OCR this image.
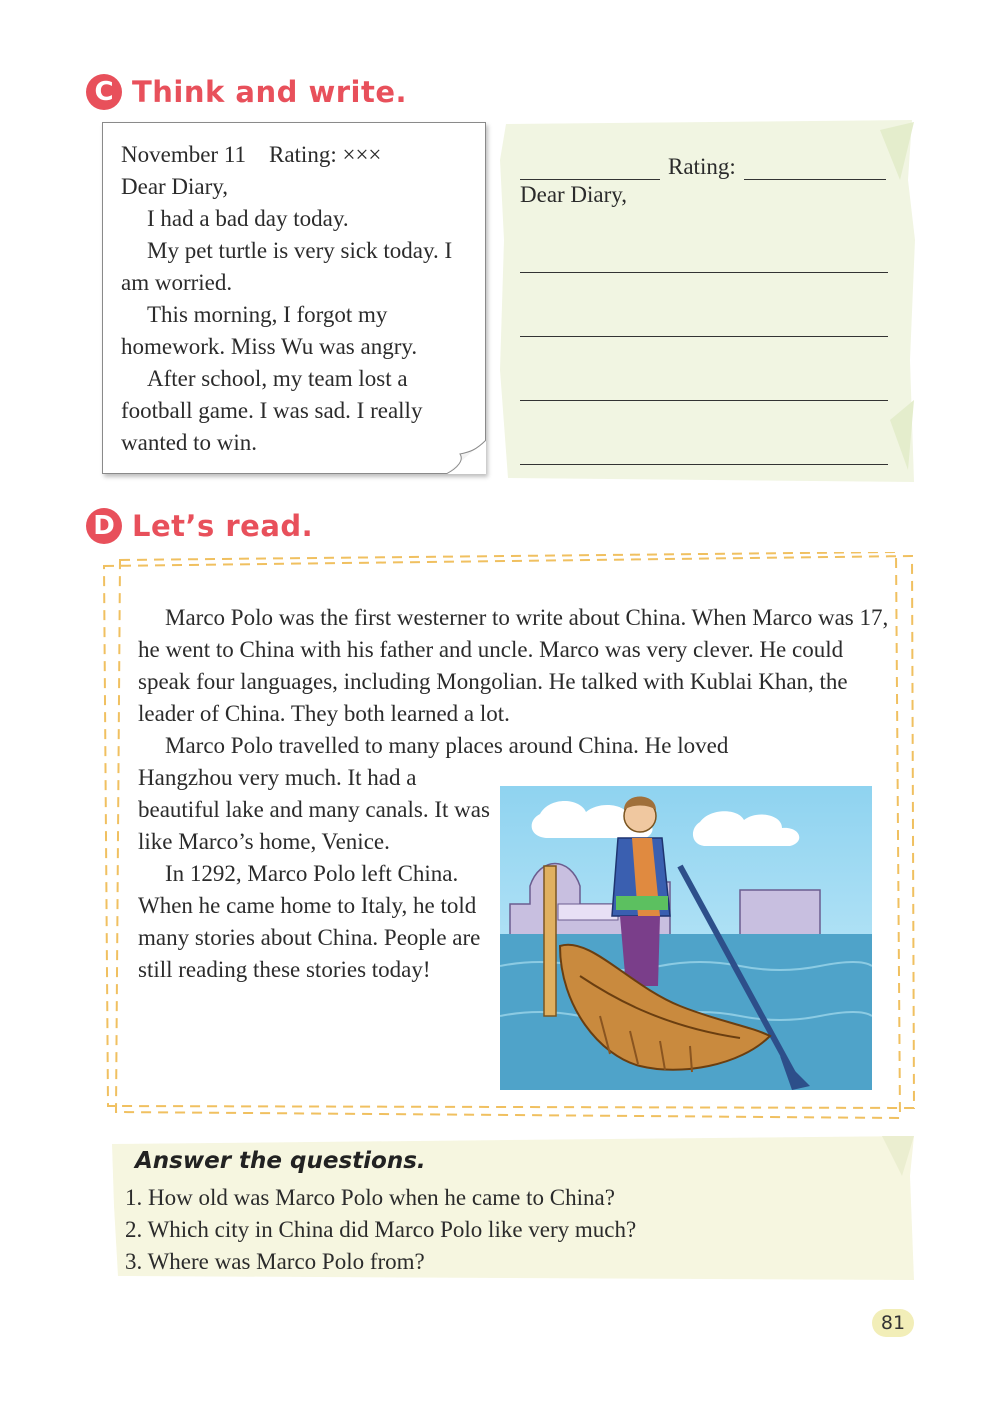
C Think and write.

November 11 Rating: ×××

Dear Diary,

I had a bad day today.

My pet turtle is very sick today. I am worried.

This morning, I forgot my homework. Miss Wu was angry.

After school, my team lost a football game. I was sad. I really wanted to win.

Rating:
Dear Diary,
D Let’s read.

Marco Polo was the first westerner to write about China. When Marco was 17, he went to China with his father and uncle. Marco was very clever. He could speak four languages, including Mongolian. He talked with Kublai Khan, the leader of China. They both learned a lot.

Marco Polo travelled to many places around China. He loved

Hangzhou very much. It had a beautiful lake and many canals. It was like Marco’s home, Venice.

In 1292, Marco Polo left China. When he came home to Italy, he told many stories about China. People are still reading these stories today!

Answer the questions.
1. How old was Marco Polo when he came to China?
2. Which city in China did Marco Polo like very much?
3. Where was Marco Polo from?
81
